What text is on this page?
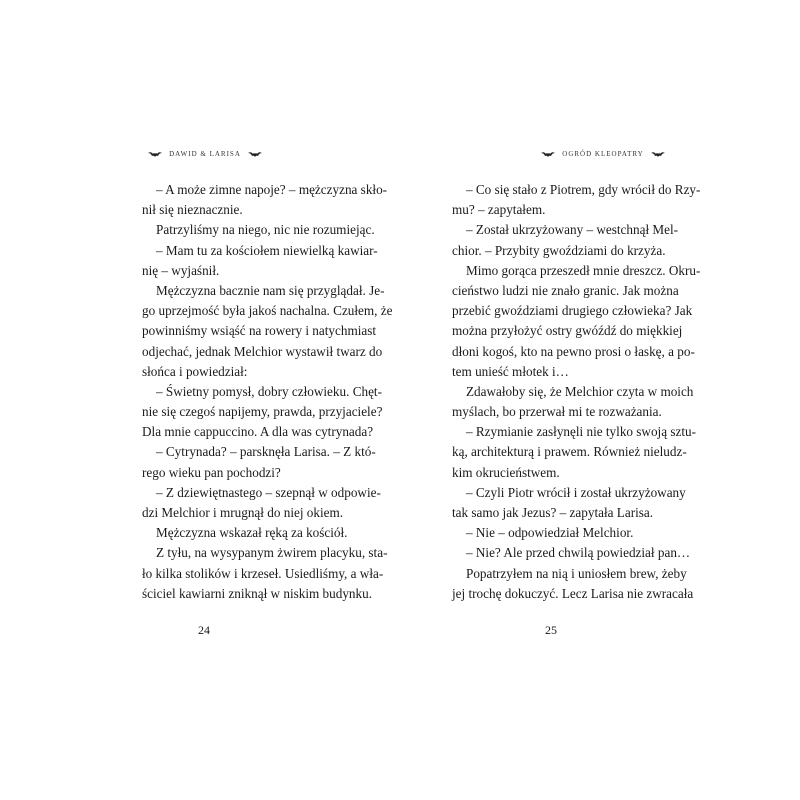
DAWID & LARISA
– A może zimne napoje? – mężczyzna skło-
nił się nieznacznie.
Patrzyliśmy na niego, nic nie rozumiejąc.
– Mam tu za kościołem niewielką kawiar-
nię – wyjaśnił.
Mężczyzna bacznie nam się przyglądał. Je-
go uprzejmość była jakoś nachalna. Czułem, że
powinniśmy wsiąść na rowery i natychmiast
odjechać, jednak Melchior wystawił twarz do
słońca i powiedział:
– Świetny pomysł, dobry człowieku. Chęt-
nie się czegoś napijemy, prawda, przyjaciele?
Dla mnie cappuccino. A dla was cytrynada?
– Cytrynada? – parsknęła Larisa. – Z któ-
rego wieku pan pochodzi?
– Z dziewiętnastego – szepnął w odpowie-
dzi Melchior i mrugnął do niej okiem.
Mężczyzna wskazał ręką za kościół.
Z tyłu, na wysypanym żwirem placyku, sta-
ło kilka stolików i krzeseł. Usiedliśmy, a wła-
ściciel kawiarni zniknął w niskim budynku.
24
OGRÓD KLEOPATRY
– Co się stało z Piotrem, gdy wrócił do Rzy-
mu? – zapytałem.
– Został ukrzyżowany – westchnął Mel-
chior. – Przybity gwoździami do krzyża.
Mimo gorąca przeszedł mnie dreszcz. Okru-
cieństwo ludzi nie znało granic. Jak można
przebić gwoździami drugiego człowieka? Jak
można przyłożyć ostry gwóźdź do miękkiej
dłoni kogoś, kto na pewno prosi o łaskę, a po-
tem unieść młotek i…
Zdawałoby się, że Melchior czyta w moich
myślach, bo przerwał mi te rozważania.
– Rzymianie zasłynęli nie tylko swoją sztu-
ką, architekturą i prawem. Również nieludz-
kim okrucieństwem.
– Czyli Piotr wrócił i został ukrzyżowany
tak samo jak Jezus? – zapytała Larisa.
– Nie – odpowiedział Melchior.
– Nie? Ale przed chwilą powiedział pan…
Popatrzyłem na nią i uniosłem brew, żeby
jej trochę dokuczyć. Lecz Larisa nie zwracała
25
